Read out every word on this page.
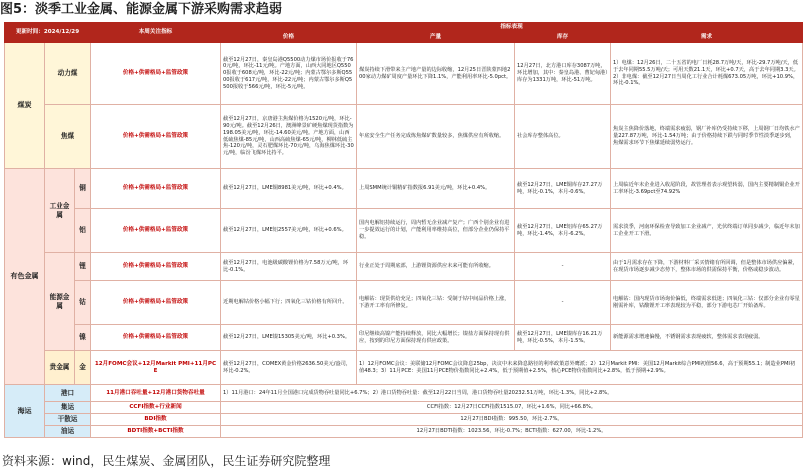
图5：淡季工业金属、能源金属下游采购需求趋弱
更新时间：2024/12/29			本周关注指标	指标表现			
				价格	产量	库存	需求
煤炭	动力煤		价格+供需格局+监管政策	截至12月27日，秦皇岛港Q5500动力煤市场价报收于760元/吨，环比-11元/吨。产地方面，山西大同地区Q5500报收于608元/吨，环比-22元/吨；内蒙古鄂尔多斯Q5500报收于617元/吨，环比-22元/吨；内蒙古鄂尔多斯Q5500报收于566元/吨，环比-5元/吨。	煤炭持续下滑带来主产地产量的边际收缩，12月25日晋陕蒙四地200家动力煤矿周度产量环比下降1.1%，产能利用率环比-5.0pct。	12月27日，北方港口库存3087万吨，环比增加，其中：秦皇岛港、曹妃甸港）库存为1331万吨，环比-51万吨。	1）电煤：12月26日，二十五省的电厂日耗28.7万吨/天，环比-29.7万吨/天，低于去年同期55.5万吨/天；可用天数21.1天，环比+0.7天，高于去年同期3.3天。2）非电煤：截至12月27日当周化工行业合计耗煤673.05万吨，环比+10.9%，环比-0.1%。
	焦煤		价格+供需格局+监管政策	截至12月27日，京唐港主焦煤价格为1520元/吨，环比-90元/吨。截至12月26日，澳洲峰景矿硬焦煤现货指数为198.05美元/吨，环比-14.60美元/吨。产地方面，山西低硫焦煤-85元/吨，山西高硫焦煤-65元/吨，柳林低硫主焦-120元/吨，灵石肥煤环比-70元/吨，乌海焦煤环比-30元/吨，临汾飞煤环比持平。	年底安全生产任务完成炼焦煤矿数量较多，焦煤供应有所收缩。	社会库存整体高位。	焦炭主焦降价落地，终端需求疲弱，钢厂补库仍受持续下移，上周钢厂日均铁水产量227.87万吨，环比-1.54万吨；由于价格持续下跌与同时季节性淡季逐步到，焦煤需求环节下焦煤延续弱势运行。
有色金属	工业金属	铜	价格+供需格局+监管政策	截至12月27日，LME铜8981美元/吨，环比+0.4%。	上周SMM统计铜精矿指数报6.91美元/吨，环比+0.4%。	截至12月27日，LME铜库存27.27万吨，环比-0.1%，本月-0.6%。	上周临近年末企业进入收尾阶段，故管理者表示观望转弱，国内主要精制铜企业开工率环比-3.69pct至74.92%
		铝	价格+供需格局+监管政策	截至12月27日，LME铝2557美元/吨，环比+0.6%。	国内电解铝持续运行，周内暂无企业减产复产；广西个别企业有进一步提效运行的计划，产能利用率维持高位，但部分企业仍保持平稳。	截至12月27日，LME铝库存65.27万吨，环比-1.4%，本月-6.2%。	需求淡季，河南环保检查导致加工企业减产，光伏终端订单同步减少，临近年末加工企业开工下滑。
	能源金属	锂	价格+供需格局+监管政策	截至12月27日，电池级碳酸锂价格为7.58万元/吨，环比-0.1%。	行业正处于周期底部，上游锂资源供应未来可能有所收缩。	-	由于1月需求存在下降，下游材料厂采买情绪有所回调，但是整体市场供应偏紧，在现货市场逐步减少态势下，整体市场的供需保持平衡，价格或稳步波动。
		钴	价格+供需格局+监管政策	近期电解钴价格小幅下行；四氧化三钴价格有所回升。	电解钴：现货供给充足；四氧化三钴：受制于钴中间品价格上涨，下游开工率有所修复。	-	电解钴：国内现货市场询价偏低，终端需求低迷；四氧化三钴：仅部分企业有零星刚需补库，钴酸锂开工率表现较为平稳，部分下游电芯厂开始备库。
		镍	价格+供需格局+监管政策	截至12月27日，LME镍15305美元/吨，环比+0.3%。	印尼继续高镍产能持续释放，同比大幅增长；镍盐方面保持现有供应，按到的印尼方面保持现有供应政策。	截至12月27日，LME镍库存16.21万吨，环比-0.5%，本月-1.5%。	新能源需求增速偏慢，不锈钢需求表现疲软，整体需求表现疲弱。
	贵金属	金	12月FOMC会议+12月Markit PMI+11月PCE	截至12月27日，COMEX黄金价格2636.50美元/盎司，环比-0.2%。	1）12月FOMC会议：美联储12月FOMC会议降息25bp，决议中未来降息路径的利率政策意外鹰派；2）12月Markit PMI：美国12月Markit综合PMI初值56.6，高于预期55.1；制造业PMI初值48.3；3）11月PCE：美国11月PCE物价指数同比+2.4%，低于预期值+2.5%，核心PCE物价指数同比+2.8%，低于预期+2.9%。		
海运	港口		11月港口吞吐量+12月港口货物吞吐量	1）11月港口：24年11月全国港口完成货物吞吐量同比+6.7%；2）港口货物吞吐量：截至12月22日当周，港口货物吞吐量20232.51万吨，环比-1.3%，同比+2.8%。			
	集运		CCFI指数+行业新闻	CCFI指数：12月27日CCFI指数1515.07，环比+1.6%，同比+66.8%。			
	干散运		BDI指数	12月27日BDI指数：995.50，环比-2.7%。			
	油运		BDTI指数+BCTI指数	12月27日BDTI指数：1023.56，环比-0.7%；BCTI指数：627.00，环比-1.2%。			
资料来源：wind，民生煤炭、金属团队，民生证券研究院整理
